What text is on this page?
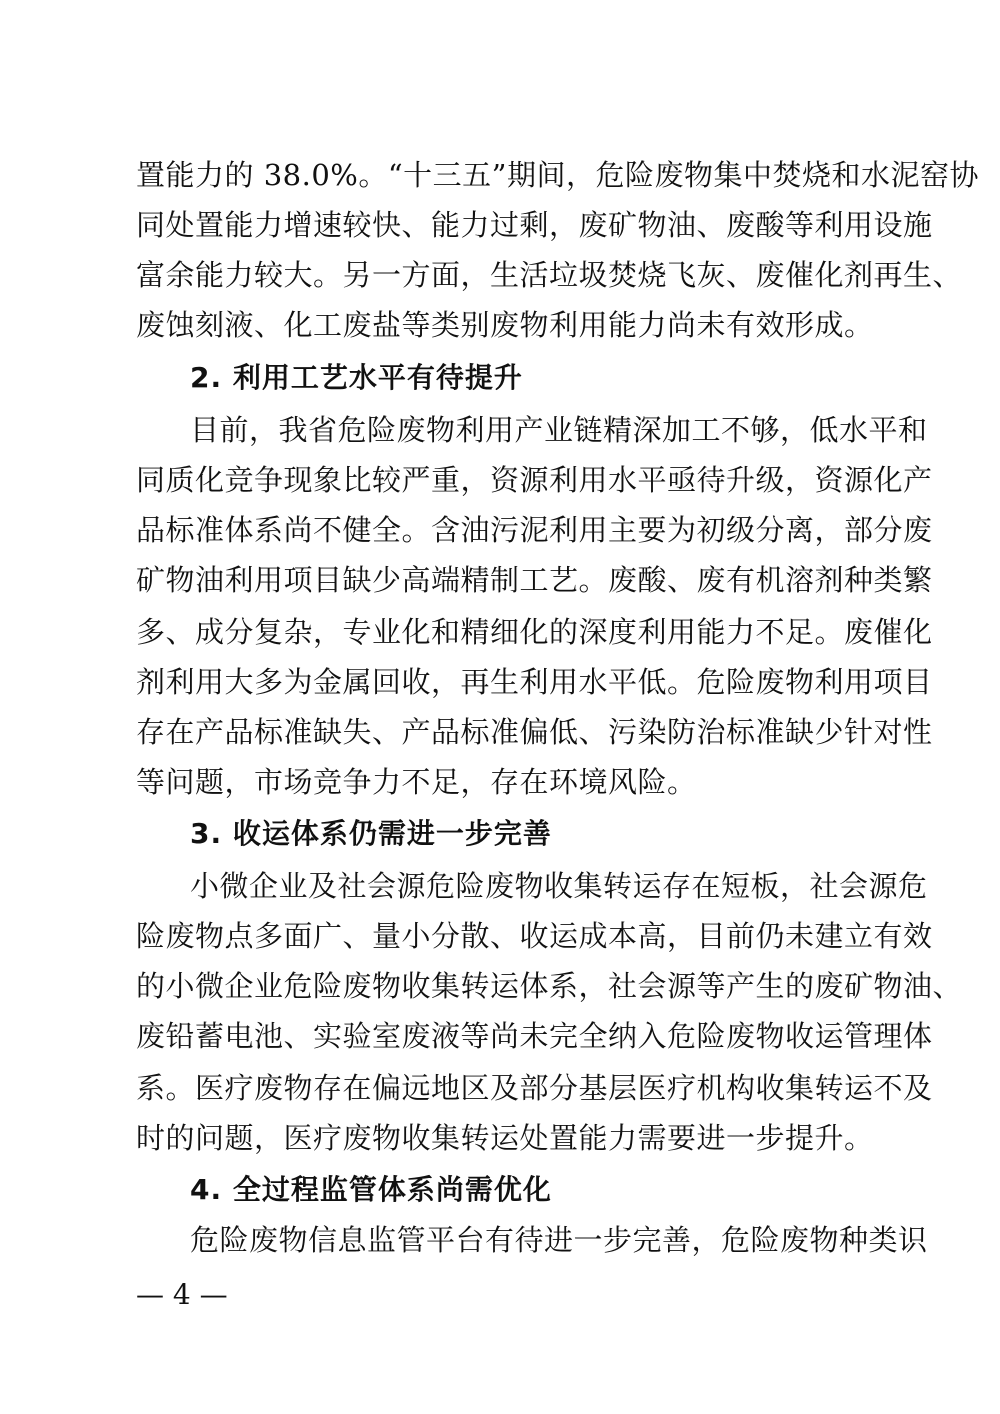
置能力的 38.0%。“十三五”期间，危险废物集中焚烧和水泥窑协
同处置能力增速较快、能力过剩，废矿物油、废酸等利用设施
富余能力较大。另一方面，生活垃圾焚烧飞灰、废催化剂再生、
废蚀刻液、化工废盐等类别废物利用能力尚未有效形成。
2. 利用工艺水平有待提升
目前，我省危险废物利用产业链精深加工不够，低水平和
同质化竞争现象比较严重，资源利用水平亟待升级，资源化产
品标准体系尚不健全。含油污泥利用主要为初级分离，部分废
矿物油利用项目缺少高端精制工艺。废酸、废有机溶剂种类繁
多、成分复杂，专业化和精细化的深度利用能力不足。废催化
剂利用大多为金属回收，再生利用水平低。危险废物利用项目
存在产品标准缺失、产品标准偏低、污染防治标准缺少针对性
等问题，市场竞争力不足，存在环境风险。
3. 收运体系仍需进一步完善
小微企业及社会源危险废物收集转运存在短板，社会源危
险废物点多面广、量小分散、收运成本高，目前仍未建立有效
的小微企业危险废物收集转运体系，社会源等产生的废矿物油、
废铅蓄电池、实验室废液等尚未完全纳入危险废物收运管理体
系。医疗废物存在偏远地区及部分基层医疗机构收集转运不及
时的问题，医疗废物收集转运处置能力需要进一步提升。
4. 全过程监管体系尚需优化
危险废物信息监管平台有待进一步完善，危险废物种类识
— 4 —
